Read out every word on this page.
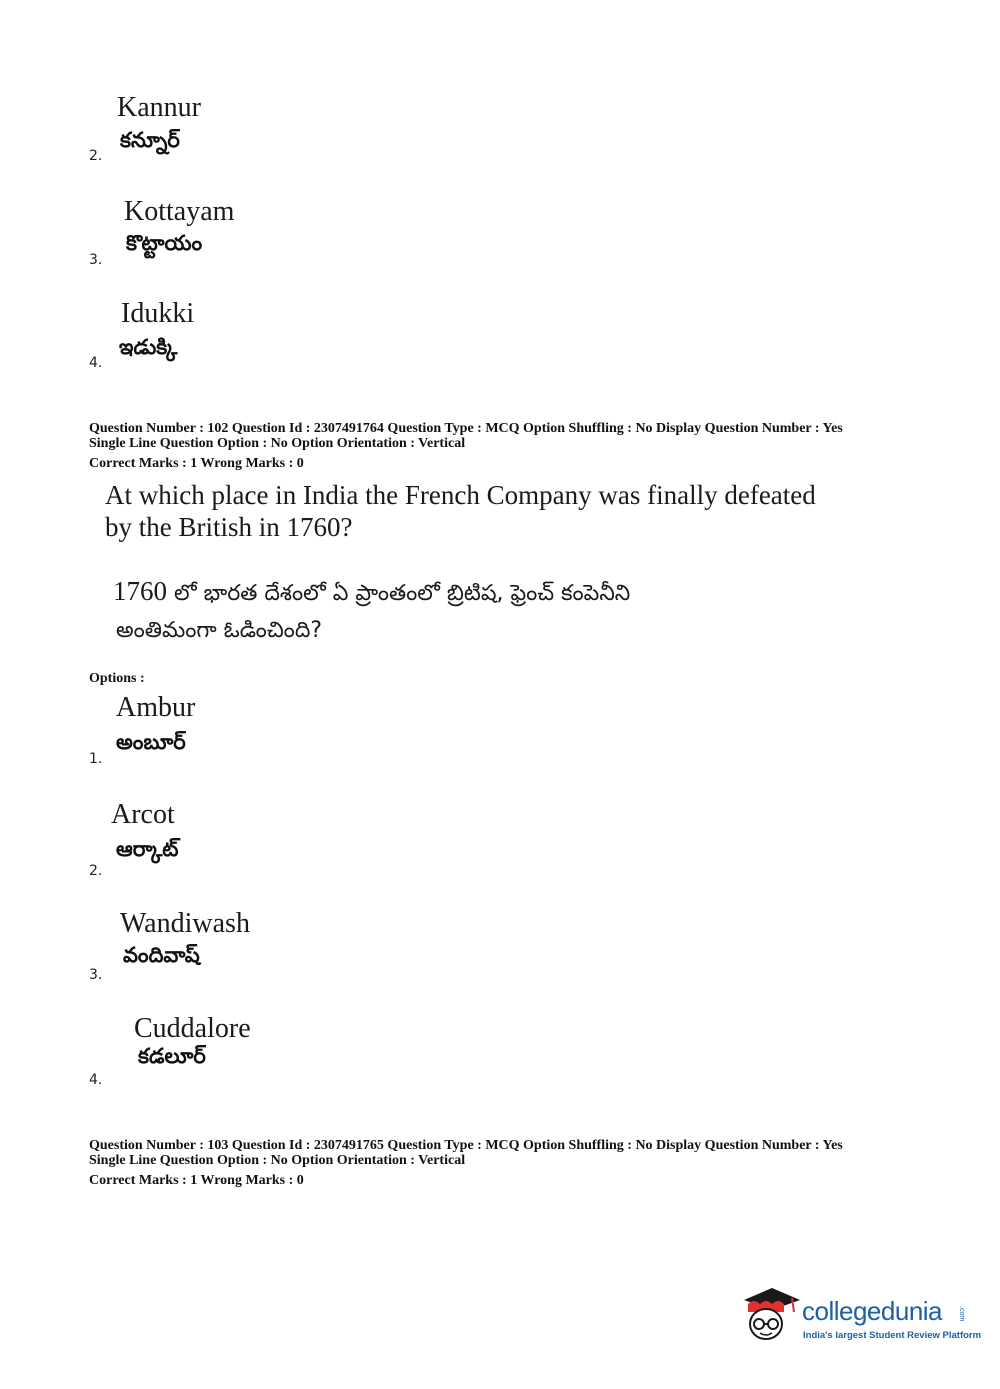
Kannur
కన్నూర్
2.
Kottayam
కొట్టాయం
3.
Idukki
ఇడుక్కి
4.
Question Number : 102 Question Id : 2307491764 Question Type : MCQ Option Shuffling : No Display Question Number : Yes
Single Line Question Option : No Option Orientation : Vertical
Correct Marks : 1 Wrong Marks : 0
At which place in India the French Company was finally defeated
by the British in 1760?
1760 లో భారత దేశంలో ఏ ప్రాంతంలో బ్రిటిష, ఫ్రెంచ్ కంపెనీని
అంతిమంగా ఓడించింది?
Options :
Ambur
అంబూర్
1.
Arcot
ఆర్కాట్
2.
Wandiwash
వందివాష్
3.
Cuddalore
కడలూర్
4.
Question Number : 103 Question Id : 2307491765 Question Type : MCQ Option Shuffling : No Display Question Number : Yes
Single Line Question Option : No Option Orientation : Vertical
Correct Marks : 1 Wrong Marks : 0
collegedunia .com
India's largest Student Review Platform
